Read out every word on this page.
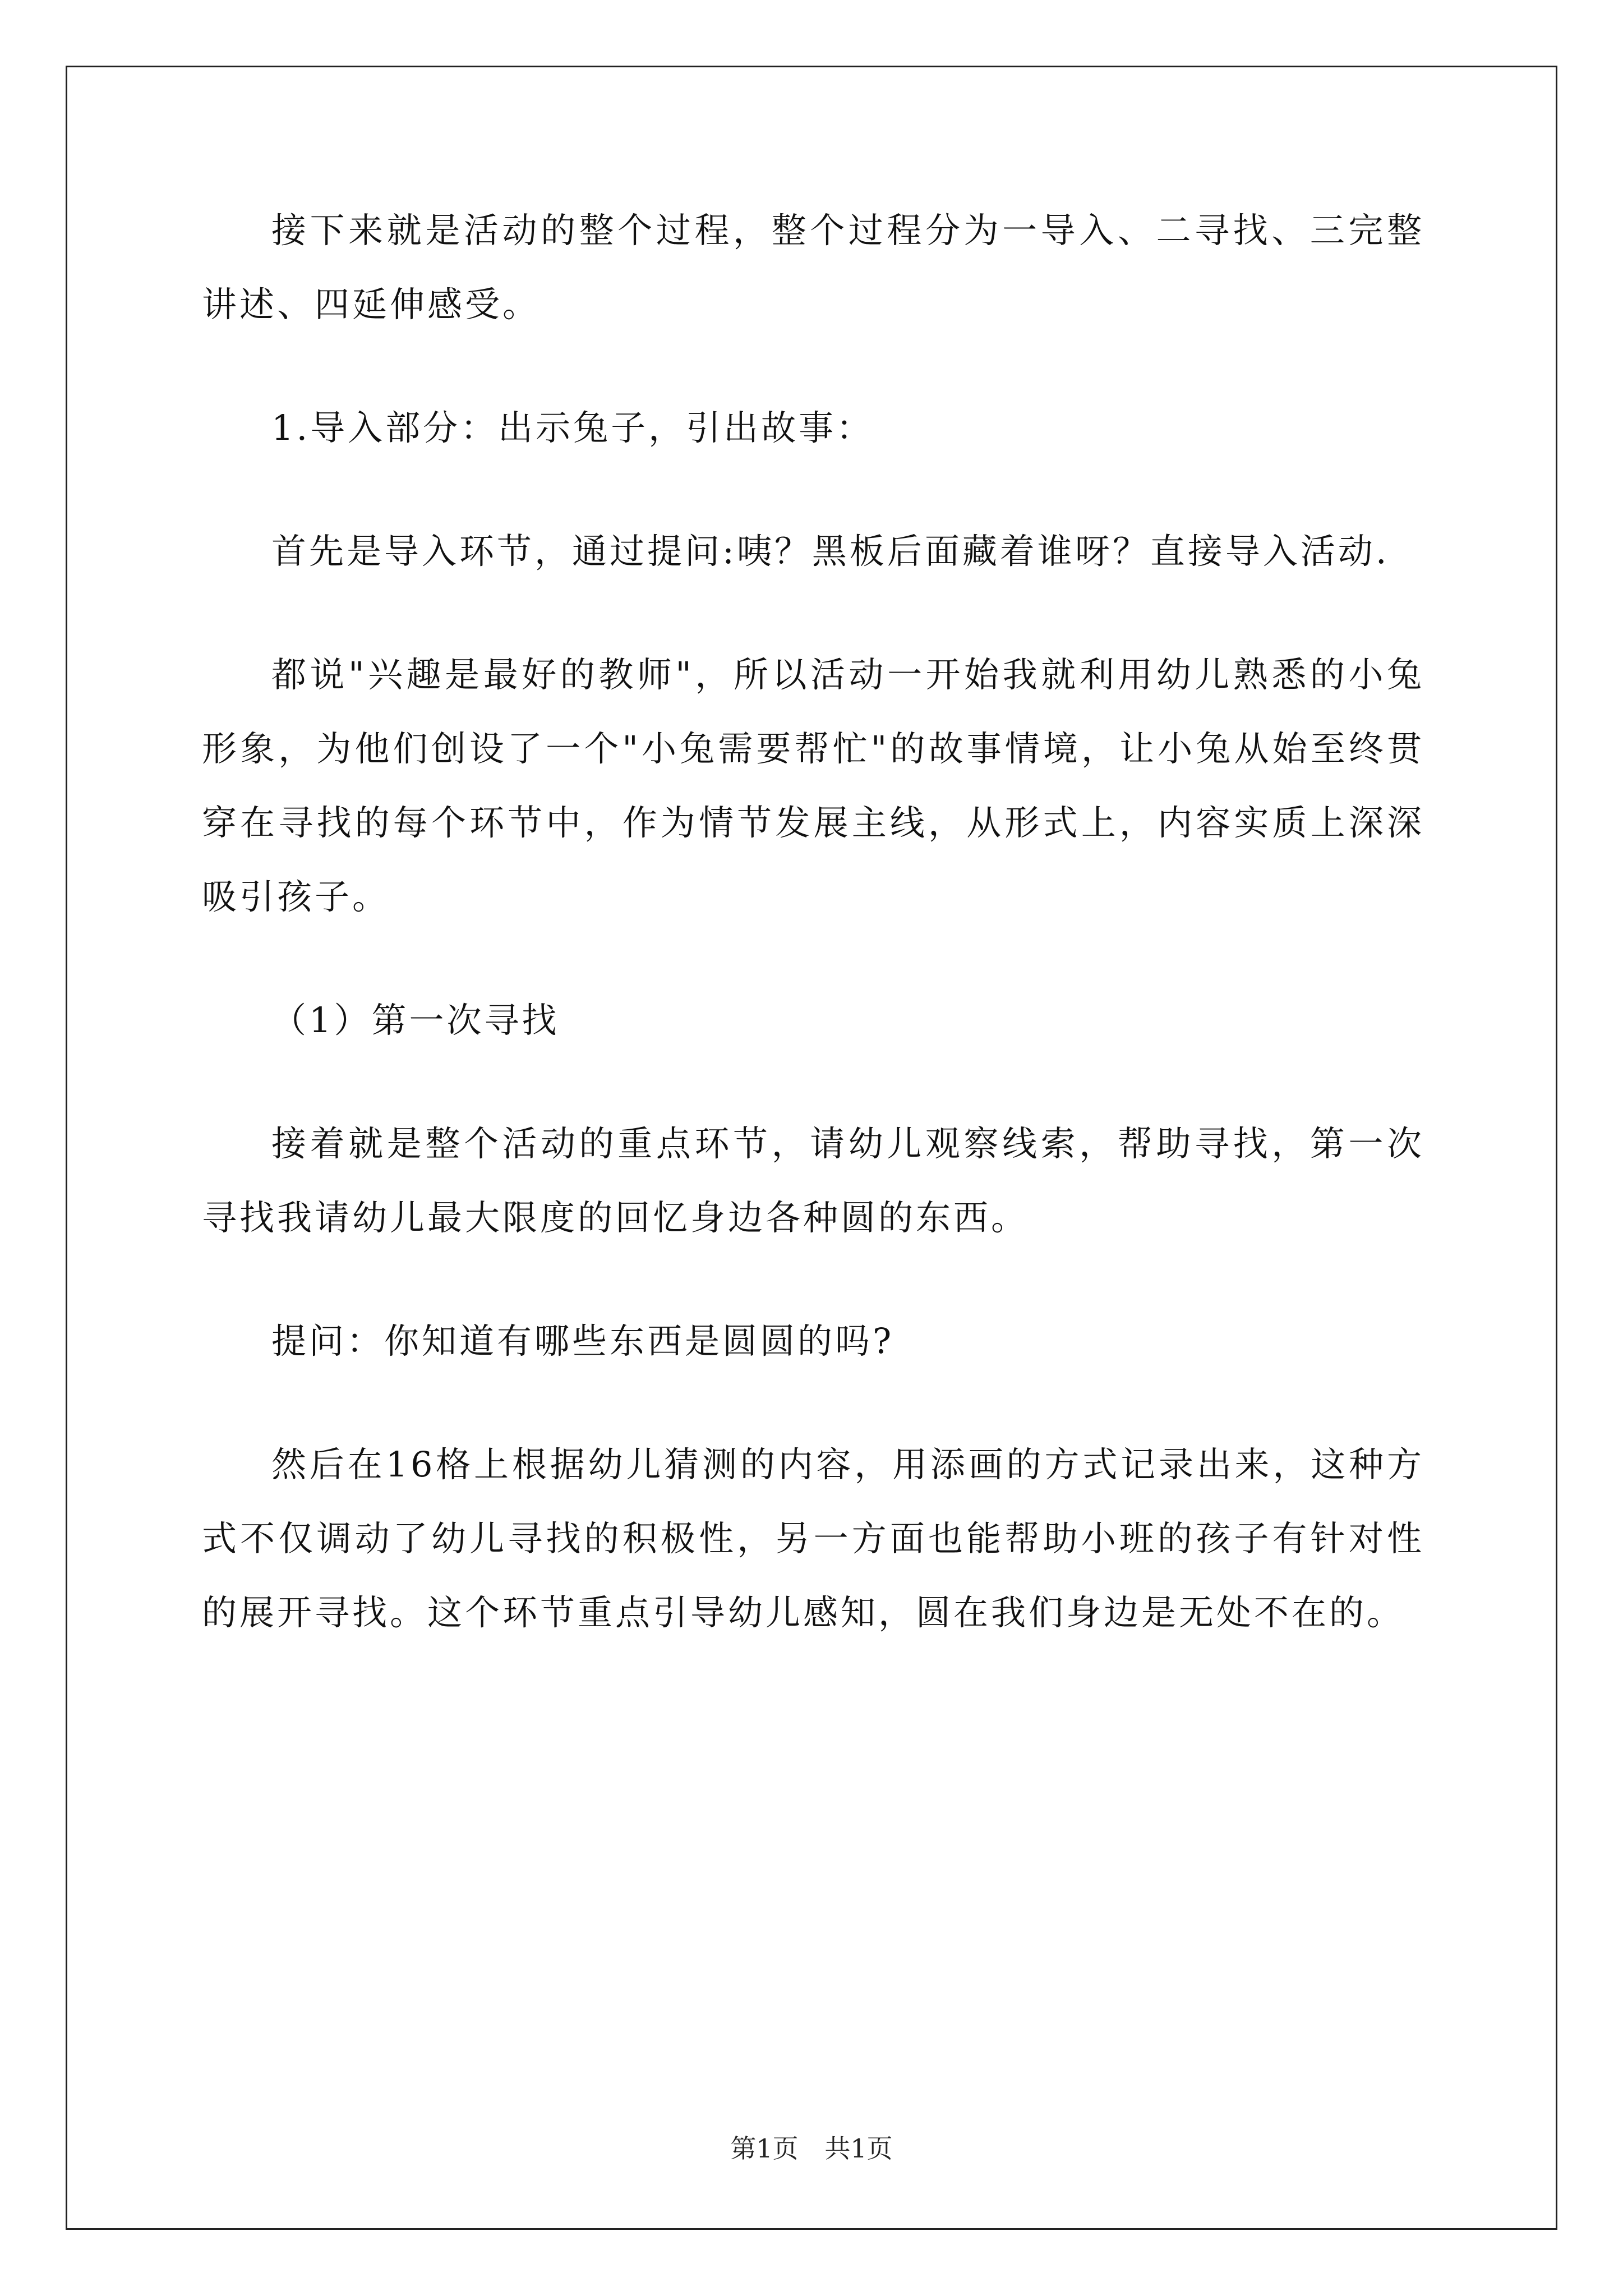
接下来就是活动的整个过程，整个过程分为一导入、二寻找、三完整讲述、四延伸感受。

1.导入部分：出示兔子，引出故事：

首先是导入环节，通过提问:咦？黑板后面藏着谁呀？直接导入活动.

都说"兴趣是最好的教师"，所以活动一开始我就利用幼儿熟悉的小兔形象，为他们创设了一个"小兔需要帮忙"的故事情境，让小兔从始至终贯穿在寻找的每个环节中，作为情节发展主线，从形式上，内容实质上深深吸引孩子。

（1）第一次寻找

接着就是整个活动的重点环节，请幼儿观察线索，帮助寻找，第一次寻找我请幼儿最大限度的回忆身边各种圆的东西。

提问：你知道有哪些东西是圆圆的吗?

然后在16格上根据幼儿猜测的内容，用添画的方式记录出来，这种方式不仅调动了幼儿寻找的积极性，另一方面也能帮助小班的孩子有针对性的展开寻找。这个环节重点引导幼儿感知，圆在我们身边是无处不在的。

第1页 共1页
